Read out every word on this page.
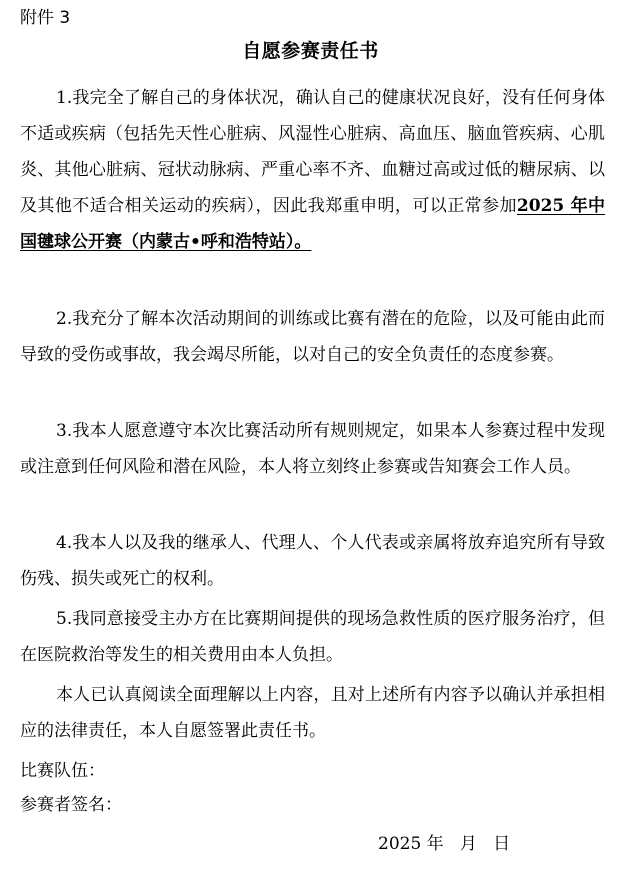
附件 3
自愿参赛责任书

1.我完全了解自己的身体状况，确认自己的健康状况良好，没有任何身体不适或疾病（包括先天性心脏病、风湿性心脏病、高血压、脑血管疾病、心肌炎、其他心脏病、冠状动脉病、严重心率不齐、血糖过高或过低的糖尿病、以及其他不适合相关运动的疾病），因此我郑重申明，可以正常参加2025 年中国毽球公开赛（内蒙古•呼和浩特站）。

2.我充分了解本次活动期间的训练或比赛有潜在的危险，以及可能由此而导致的受伤或事故，我会竭尽所能，以对自己的安全负责任的态度参赛。

3.我本人愿意遵守本次比赛活动所有规则规定，如果本人参赛过程中发现或注意到任何风险和潜在风险，本人将立刻终止参赛或告知赛会工作人员。

4.我本人以及我的继承人、代理人、个人代表或亲属将放弃追究所有导致伤残、损失或死亡的权利。

5.我同意接受主办方在比赛期间提供的现场急救性质的医疗服务治疗，但在医院救治等发生的相关费用由本人负担。

本人已认真阅读全面理解以上内容，且对上述所有内容予以确认并承担相应的法律责任，本人自愿签署此责任书。

比赛队伍：
参赛者签名：
2025 年   月   日
